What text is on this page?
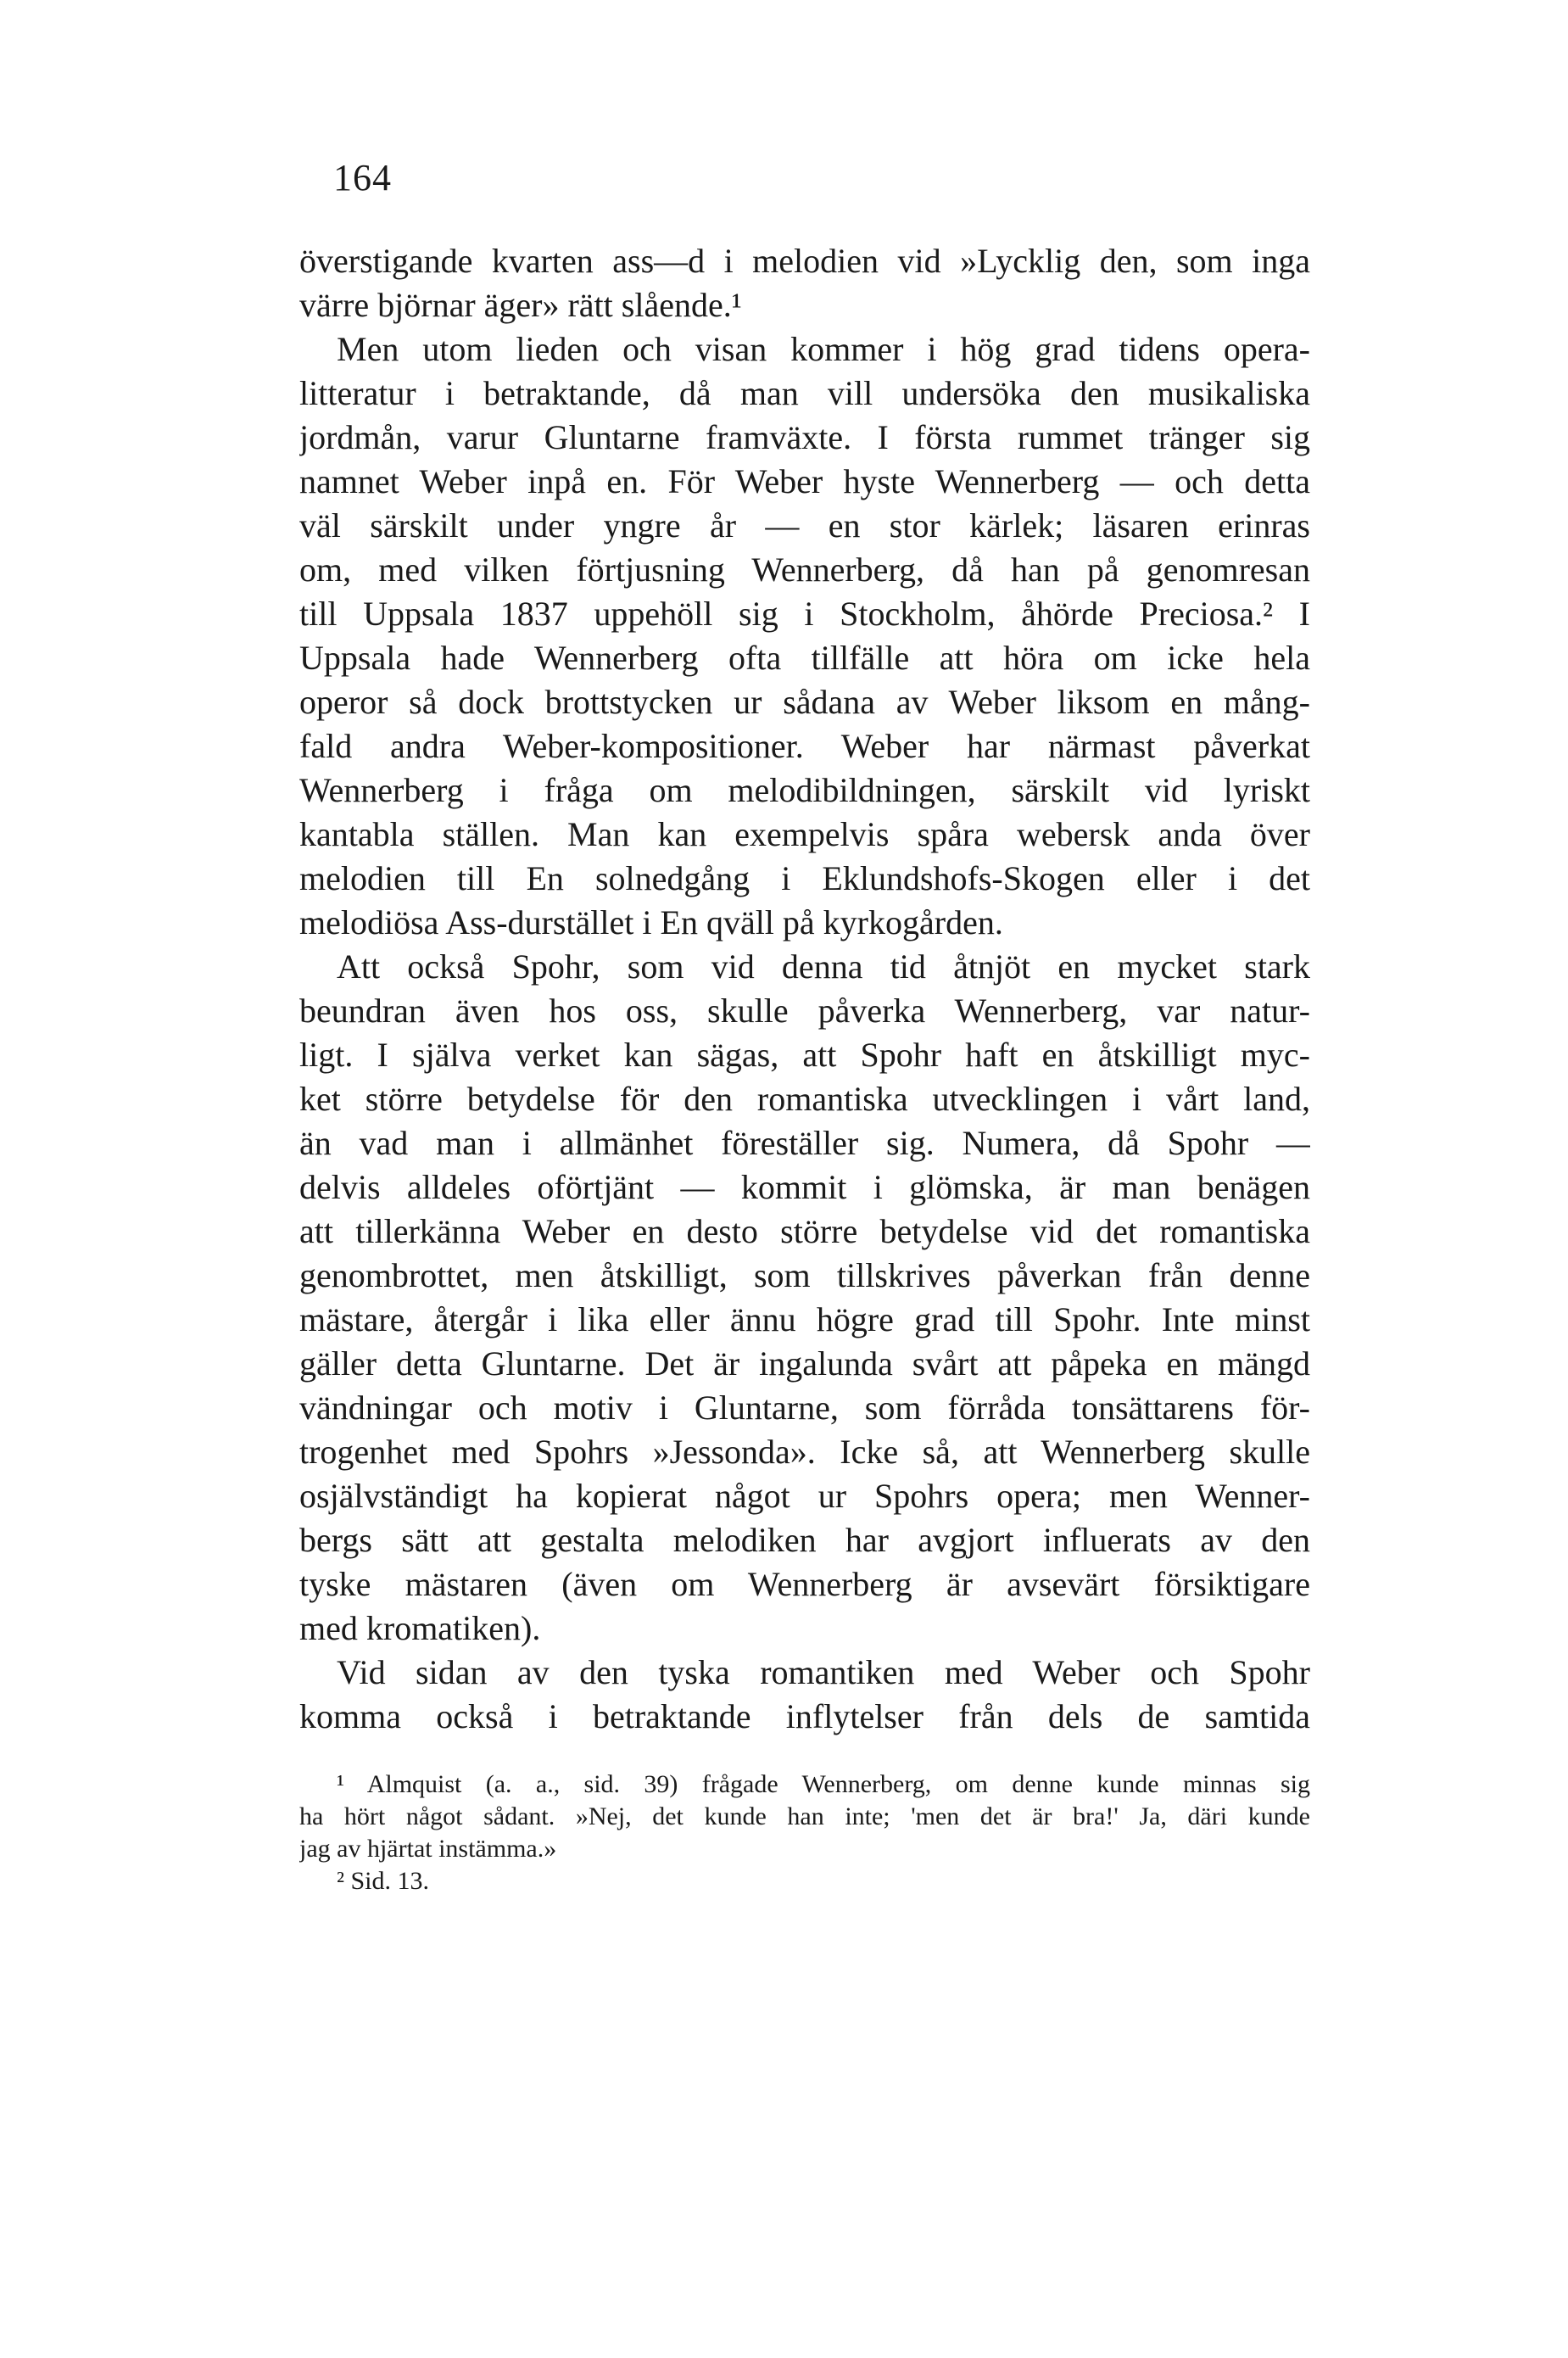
164
överstigande kvarten ass—d i melodien vid »Lycklig den, som inga
värre björnar äger» rätt slående.¹
Men utom lieden och visan kommer i hög grad tidens opera-
litteratur i betraktande, då man vill undersöka den musikaliska
jordmån, varur Gluntarne framväxte. I första rummet tränger sig
namnet Weber inpå en. För Weber hyste Wennerberg — och detta
väl särskilt under yngre år — en stor kärlek; läsaren erinras
om, med vilken förtjusning Wennerberg, då han på genomresan
till Uppsala 1837 uppehöll sig i Stockholm, åhörde Preciosa.² I
Uppsala hade Wennerberg ofta tillfälle att höra om icke hela
operor så dock brottstycken ur sådana av Weber liksom en mång-
fald andra Weber-kompositioner. Weber har närmast påverkat
Wennerberg i fråga om melodibildningen, särskilt vid lyriskt
kantabla ställen. Man kan exempelvis spåra webersk anda över
melodien till En solnedgång i Eklundshofs-Skogen eller i det
melodiösa Ass-durstället i En qväll på kyrkogården.
Att också Spohr, som vid denna tid åtnjöt en mycket stark
beundran även hos oss, skulle påverka Wennerberg, var natur-
ligt. I själva verket kan sägas, att Spohr haft en åtskilligt myc-
ket större betydelse för den romantiska utvecklingen i vårt land,
än vad man i allmänhet föreställer sig. Numera, då Spohr —
delvis alldeles oförtjänt — kommit i glömska, är man benägen
att tillerkänna Weber en desto större betydelse vid det romantiska
genombrottet, men åtskilligt, som tillskrives påverkan från denne
mästare, återgår i lika eller ännu högre grad till Spohr. Inte minst
gäller detta Gluntarne. Det är ingalunda svårt att påpeka en mängd
vändningar och motiv i Gluntarne, som förråda tonsättarens för-
trogenhet med Spohrs »Jessonda». Icke så, att Wennerberg skulle
osjälvständigt ha kopierat något ur Spohrs opera; men Wenner-
bergs sätt att gestalta melodiken har avgjort influerats av den
tyske mästaren (även om Wennerberg är avsevärt försiktigare
med kromatiken).
Vid sidan av den tyska romantiken med Weber och Spohr
komma också i betraktande inflytelser från dels de samtida
¹ Almquist (a. a., sid. 39) frågade Wennerberg, om denne kunde minnas sig
ha hört något sådant. »Nej, det kunde han inte; 'men det är bra!' Ja, däri kunde
jag av hjärtat instämma.»
² Sid. 13.
